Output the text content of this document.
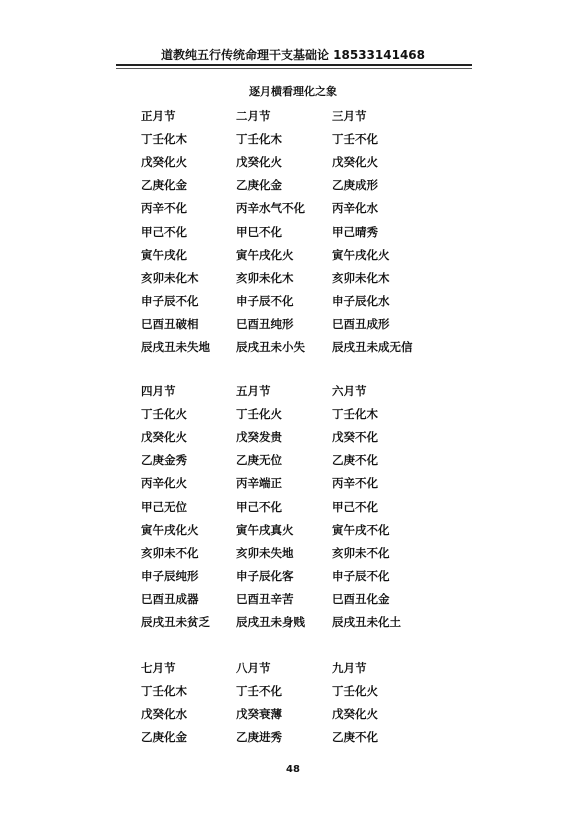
道教纯五行传统命理干支基础论 18533141468
逐月横看理化之象
正月节
丁壬化木
戊癸化火
乙庚化金
丙辛不化
甲己不化
寅午戌化
亥卯未化木
申子辰不化
巳酉丑破相
辰戌丑未失地
二月节
丁壬化木
戊癸化火
乙庚化金
丙辛水气不化
甲巳不化
寅午戌化火
亥卯未化木
申子辰不化
巳酉丑纯形
辰戌丑未小失
三月节
丁壬不化
戊癸化火
乙庚成形
丙辛化水
甲己晴秀
寅午戌化火
亥卯未化木
申子辰化水
巳酉丑成形
辰戌丑未成无信
四月节
丁壬化火
戊癸化火
乙庚金秀
丙辛化火
甲己无位
寅午戌化火
亥卯未不化
申子辰纯形
巳酉丑成器
辰戌丑未贫乏
五月节
丁壬化火
戊癸发贵
乙庚无位
丙辛端正
甲己不化
寅午戌真火
亥卯未失地
申子辰化客
巳酉丑辛苦
辰戌丑未身贱
六月节
丁壬化木
戊癸不化
乙庚不化
丙辛不化
甲己不化
寅午戌不化
亥卯未不化
申子辰不化
巳酉丑化金
辰戌丑未化土
七月节
丁壬化木
戊癸化水
乙庚化金
八月节
丁壬不化
戊癸衰薄
乙庚进秀
九月节
丁壬化火
戊癸化火
乙庚不化
48
